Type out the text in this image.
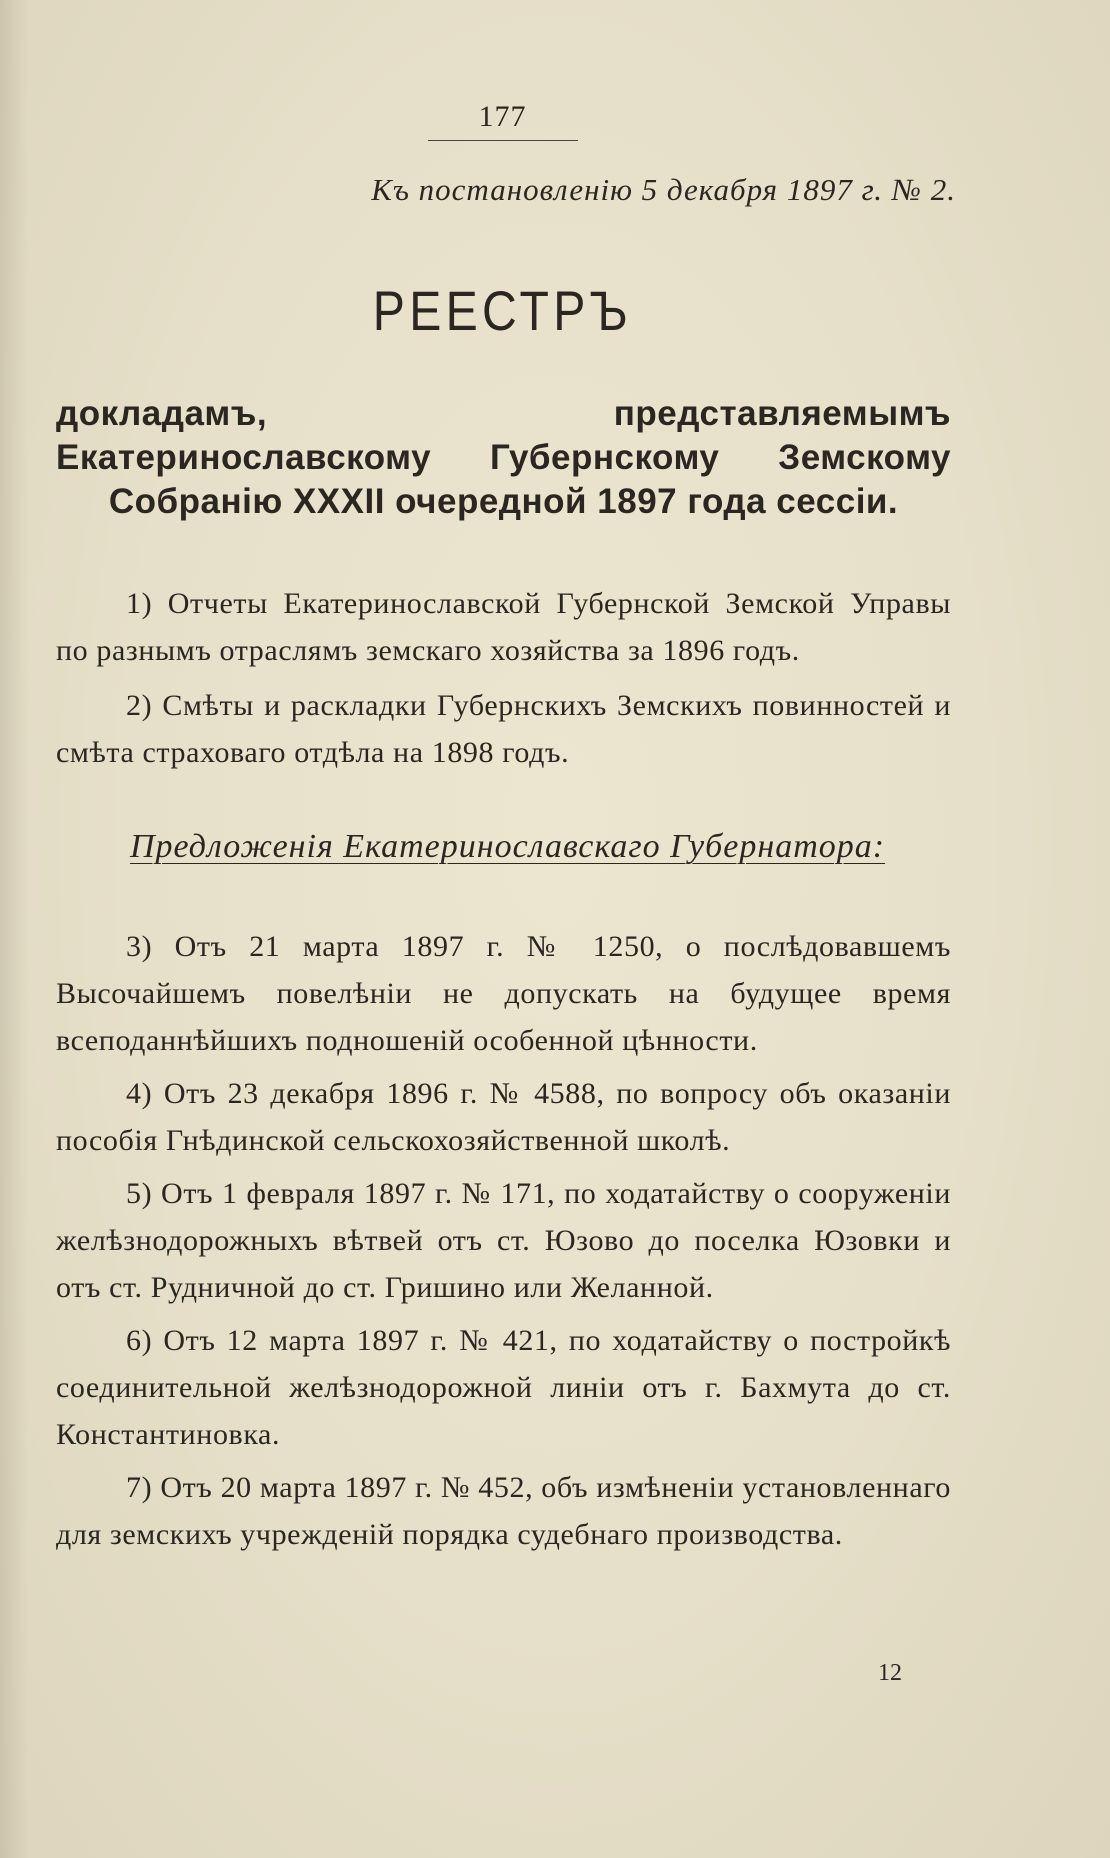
177
Къ постановленію 5 декабря 1897 г. № 2.
РЕЕСТРЪ
докладамъ, представляемымъ Екатеринославскому Губернскому Земскому Собранію XXXII очередной 1897 года сессіи.

1) Отчеты Екатеринославской Губернской Земской Управы по разнымъ отраслямъ земскаго хозяйства за 1896 годъ.

2) Смѣты и раскладки Губернскихъ Земскихъ повинностей и смѣта страховаго отдѣла на 1898 годъ.

Предложенія Екатеринославскаго Губернатора:

3) Отъ 21 марта 1897 г. № 1250, о послѣдовавшемъ Высочайшемъ повелѣніи не допускать на будущее время всеподаннѣйшихъ подношеній особенной цѣнности.

4) Отъ 23 декабря 1896 г. № 4588, по вопросу объ оказаніи пособія Гнѣдинской сельскохозяйственной школѣ.

5) Отъ 1 февраля 1897 г. № 171, по ходатайству о сооруженіи желѣзнодорожныхъ вѣтвей отъ ст. Юзово до поселка Юзовки и отъ ст. Рудничной до ст. Гришино или Желанной.

6) Отъ 12 марта 1897 г. № 421, по ходатайству о постройкѣ соединительной желѣзнодорожной линіи отъ г. Бахмута до ст. Константиновка.

7) Отъ 20 марта 1897 г. № 452, объ измѣненіи установленнаго для земскихъ учрежденій порядка судебнаго производства.

12
